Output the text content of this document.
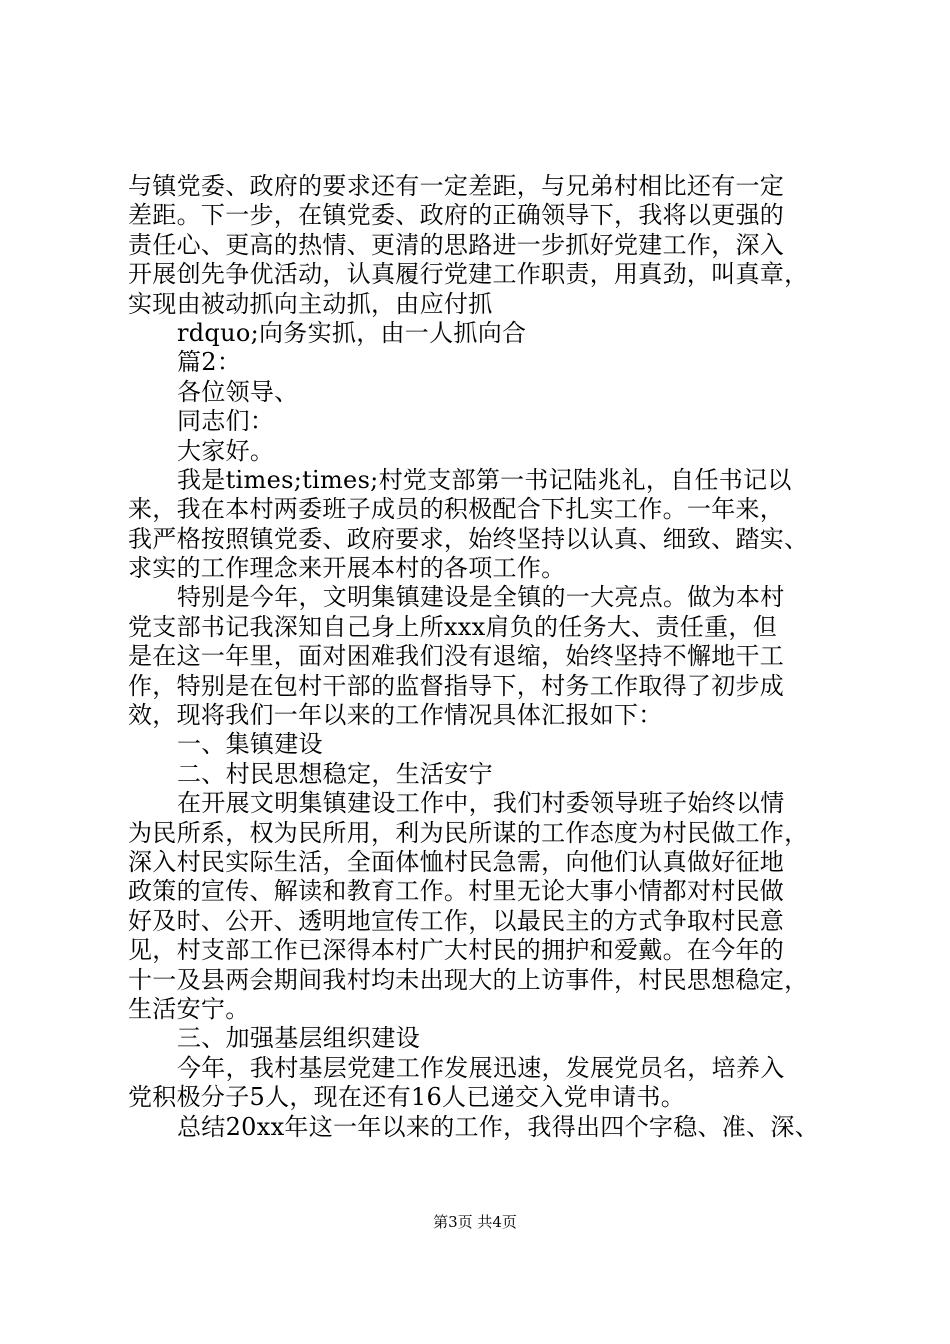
与镇党委、政府的要求还有一定差距，与兄弟村相比还有一定
差距。下一步，在镇党委、政府的正确领导下，我将以更强的
责任心、更高的热情、更清的思路进一步抓好党建工作，深入
开展创先争优活动，认真履行党建工作职责，用真劲，叫真章，
实现由被动抓向主动抓，由应付抓
rdquo;向务实抓，由一人抓向合
篇2：
各位领导、
同志们：
大家好。
我是times;times;村党支部第一书记陆兆礼，自任书记以
来，我在本村两委班子成员的积极配合下扎实工作。一年来，
我严格按照镇党委、政府要求，始终坚持以认真、细致、踏实、
求实的工作理念来开展本村的各项工作。
特别是今年，文明集镇建设是全镇的一大亮点。做为本村
党支部书记我深知自己身上所xxx肩负的任务大、责任重，但
是在这一年里，面对困难我们没有退缩，始终坚持不懈地干工
作，特别是在包村干部的监督指导下，村务工作取得了初步成
效，现将我们一年以来的工作情况具体汇报如下：
一、集镇建设
二、村民思想稳定，生活安宁
在开展文明集镇建设工作中，我们村委领导班子始终以情
为民所系，权为民所用，利为民所谋的工作态度为村民做工作，
深入村民实际生活，全面体恤村民急需，向他们认真做好征地
政策的宣传、解读和教育工作。村里无论大事小情都对村民做
好及时、公开、透明地宣传工作，以最民主的方式争取村民意
见，村支部工作已深得本村广大村民的拥护和爱戴。在今年的
十一及县两会期间我村均未出现大的上访事件，村民思想稳定，
生活安宁。
三、加强基层组织建设
今年，我村基层党建工作发展迅速，发展党员名，培养入
党积极分子5人，现在还有16人已递交入党申请书。
总结20xx年这一年以来的工作，我得出四个字稳、准、深、
第3页 共4页
